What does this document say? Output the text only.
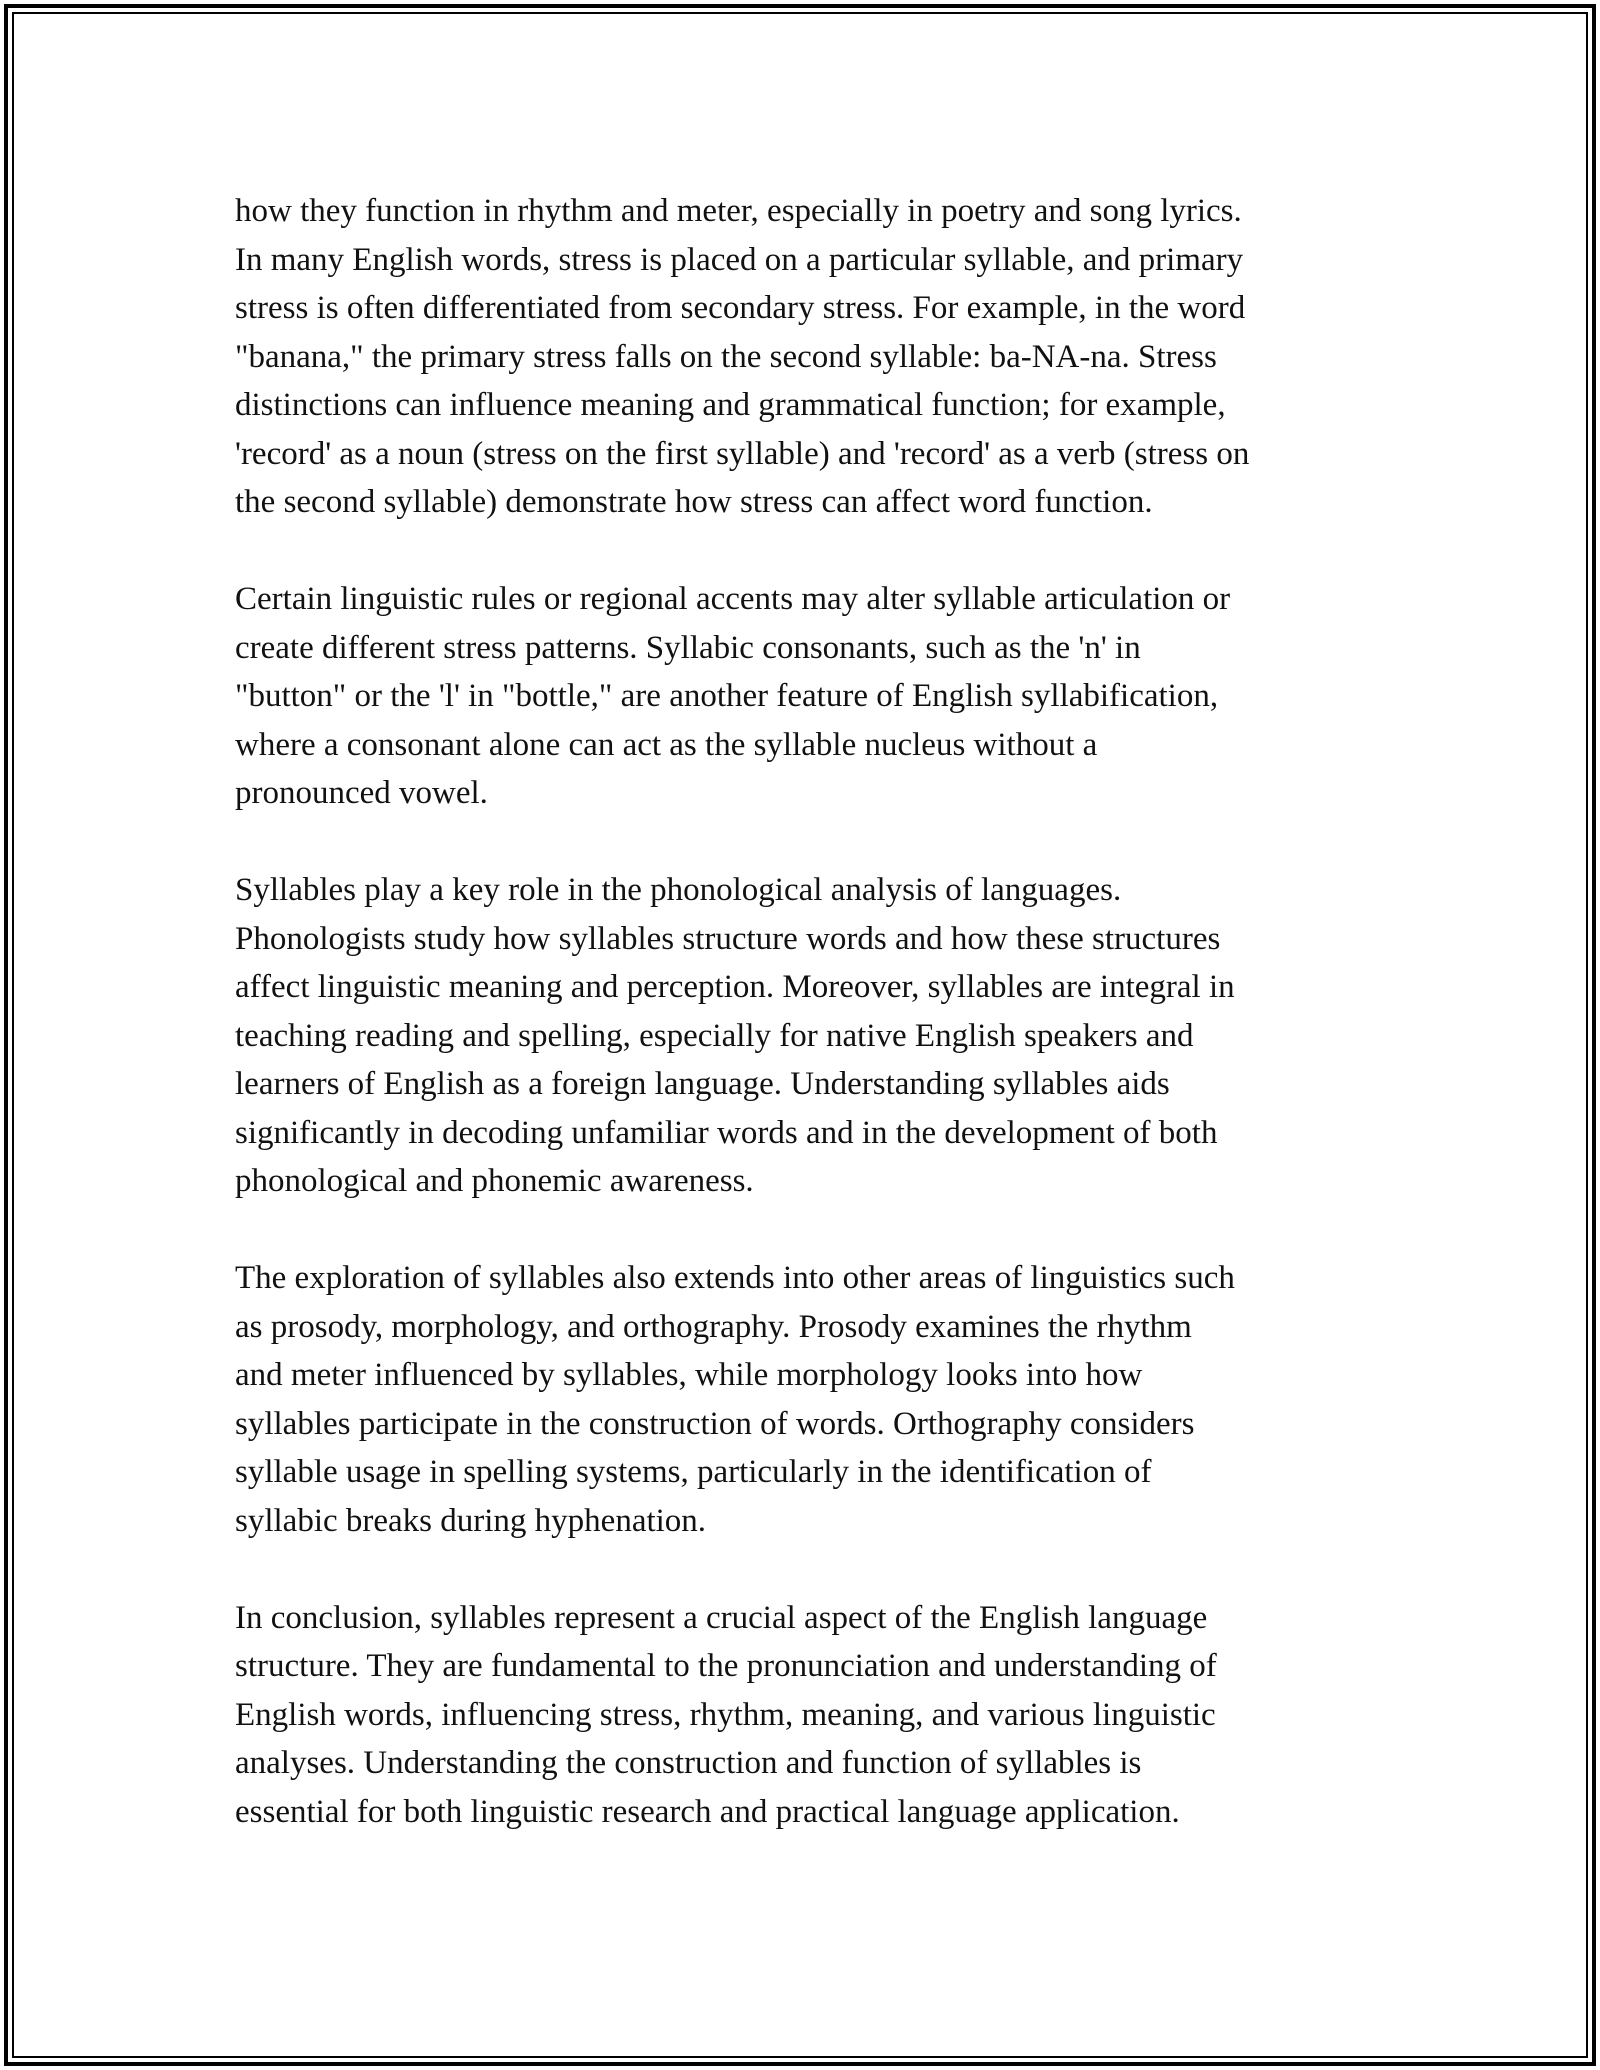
how they function in rhythm and meter, especially in poetry and song lyrics.
In many English words, stress is placed on a particular syllable, and primary
stress is often differentiated from secondary stress. For example, in the word
"banana," the primary stress falls on the second syllable: ba-NA-na. Stress
distinctions can influence meaning and grammatical function; for example,
'record' as a noun (stress on the first syllable) and 'record' as a verb (stress on
the second syllable) demonstrate how stress can affect word function.

Certain linguistic rules or regional accents may alter syllable articulation or
create different stress patterns. Syllabic consonants, such as the 'n' in
"button" or the 'l' in "bottle," are another feature of English syllabification,
where a consonant alone can act as the syllable nucleus without a
pronounced vowel.

Syllables play a key role in the phonological analysis of languages.
Phonologists study how syllables structure words and how these structures
affect linguistic meaning and perception. Moreover, syllables are integral in
teaching reading and spelling, especially for native English speakers and
learners of English as a foreign language. Understanding syllables aids
significantly in decoding unfamiliar words and in the development of both
phonological and phonemic awareness.

The exploration of syllables also extends into other areas of linguistics such
as prosody, morphology, and orthography. Prosody examines the rhythm
and meter influenced by syllables, while morphology looks into how
syllables participate in the construction of words. Orthography considers
syllable usage in spelling systems, particularly in the identification of
syllabic breaks during hyphenation.

In conclusion, syllables represent a crucial aspect of the English language
structure. They are fundamental to the pronunciation and understanding of
English words, influencing stress, rhythm, meaning, and various linguistic
analyses. Understanding the construction and function of syllables is
essential for both linguistic research and practical language application.
